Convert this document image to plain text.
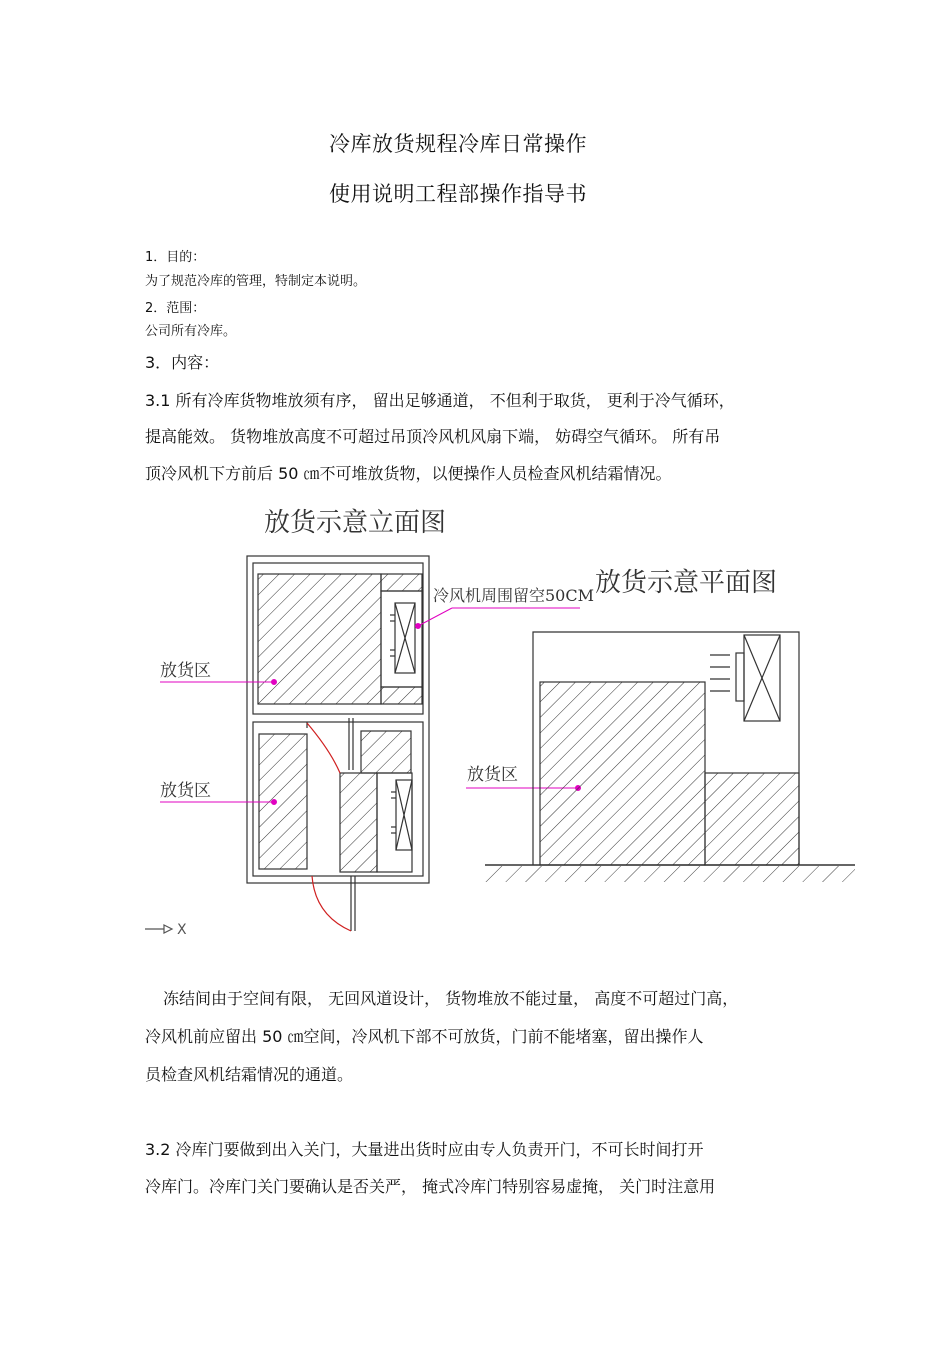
冷库放货规程冷库日常操作
使用说明工程部操作指导书
1．目的：
为了规范冷库的管理，特制定本说明。
2．范围：
公司所有冷库。
3．内容：
3.1 所有冷库货物堆放须有序， 留出足够通道， 不但利于取货， 更利于冷气循环，
提高能效。 货物堆放高度不可超过吊顶冷风机风扇下端， 妨碍空气循环。 所有吊
顶冷风机下方前后 50 ㎝不可堆放货物，以便操作人员检查风机结霜情况。
放货示意立面图
放货示意平面图
放货区
放货区
放货区
冷风机周围留空50CM
X
冻结间由于空间有限， 无回风道设计， 货物堆放不能过量， 高度不可超过门高，
冷风机前应留出 50 ㎝空间，冷风机下部不可放货，门前不能堵塞，留出操作人
员检查风机结霜情况的通道。
3.2 冷库门要做到出入关门，大量进出货时应由专人负责开门，不可长时间打开
冷库门。冷库门关门要确认是否关严， 掩式冷库门特别容易虚掩， 关门时注意用
